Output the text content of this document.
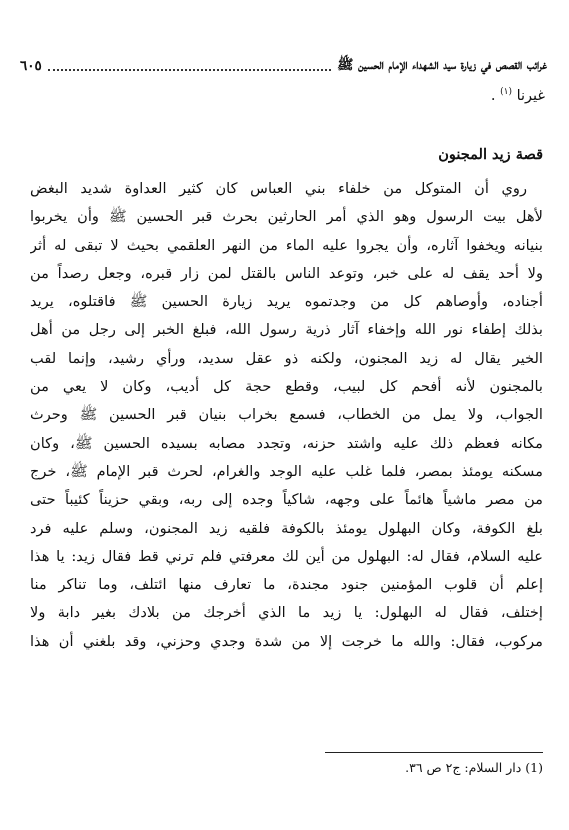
غرائب القصص في زيارة سيد الشهداء الإمام الحسين ﷺ
٦٠٥
غيرنا $^{(١)}$ .
قصة زيد المجنون
روي أن المتوكل من خلفاء بني العباس كان كثير العداوة شديد البغض
لأهل بيت الرسول وهو الذي أمر الحارثين بحرث قبر الحسين ﷺ وأن يخربوا
بنيانه ويخفوا آثاره، وأن يجروا عليه الماء من النهر العلقمي بحيث لا تبقى له أثر
ولا أحد يقف له على خبر، وتوعد الناس بالقتل لمن زار قبره، وجعل رصداً من
أجناده، وأوصاهم كل من وجدتموه يريد زيارة الحسين ﷺ فاقتلوه، يريد
بذلك إطفاء نور الله وإخفاء آثار ذرية رسول الله، فبلغ الخبر إلى رجل من أهل
الخير يقال له زيد المجنون، ولكنه ذو عقل سديد، ورأي رشيد، وإنما لقب
بالمجنون لأنه أفحم كل لبيب، وقطع حجة كل أديب، وكان لا يعي من
الجواب، ولا يمل من الخطاب، فسمع بخراب بنيان قبر الحسين ﷺ وحرث
مكانه فعظم ذلك عليه واشتد حزنه، وتجدد مصابه بسيده الحسين ﷺ، وكان
مسكنه يومئذ بمصر، فلما غلب عليه الوجد والغرام، لحرث قبر الإمام ﷺ، خرج
من مصر ماشياً هائماً على وجهه، شاكياً وجده إلى ربه، وبقي حزيناً كئيباً حتى
بلغ الكوفة، وكان البهلول يومئذ بالكوفة فلقيه زيد المجنون، وسلم عليه فرد
عليه السلام، فقال له: البهلول من أين لك معرفتي فلم ترني قط فقال زيد: يا هذا
إعلم أن قلوب المؤمنين جنود مجندة، ما تعارف منها ائتلف، وما تناكر منا
إختلف، فقال له البهلول: يا زيد ما الذي أخرجك من بلادك بغير دابة ولا
مركوب، فقال: والله ما خرجت إلا من شدة وجدي وحزني، وقد بلغني أن هذا
(1) دار السلام: ج٢ ص ٣٦.
